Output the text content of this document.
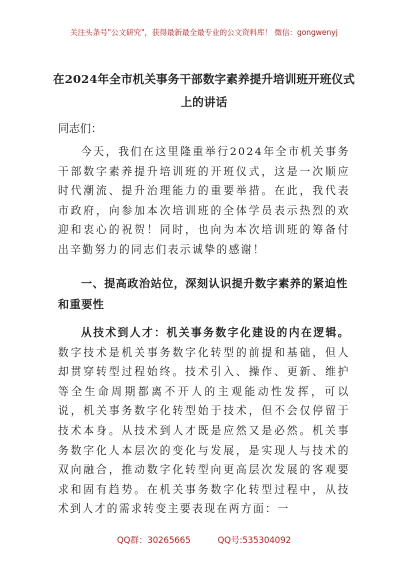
关注头条号"公文研究"，获得最新最全最专业的公文资料库！ 微信：gongwenyj
在2024年全市机关事务干部数字素养提升培训班开班仪式
上的讲话
同志们：

今天，我们在这里隆重举行2024年全市机关事务干部数字素养提升培训班的开班仪式，这是一次顺应时代潮流、提升治理能力的重要举措。在此，我代表市政府，向参加本次培训班的全体学员表示热烈的欢迎和衷心的祝贺！同时，也向为本次培训班的筹备付出辛勤努力的同志们表示诚挚的感谢！

一、提高政治站位，深刻认识提升数字素养的紧迫性和重要性

从技术到人才：机关事务数字化建设的内在逻辑。数字技术是机关事务数字化转型的前提和基础，但人却贯穿转型过程始终。技术引入、操作、更新、维护等全生命周期都离不开人的主观能动性发挥，可以说，机关事务数字化转型始于技术，但不会仅停留于技术本身。从技术到人才既是应然又是必然。机关事务数字化人本层次的变化与发展，是实现人与技术的双向融合，推动数字化转型向更高层次发展的客观要求和固有趋势。在机关事务数字化转型过程中，从技术到人才的需求转变主要表现在两方面：一

QQ群：30265665          QQ号:535304092
